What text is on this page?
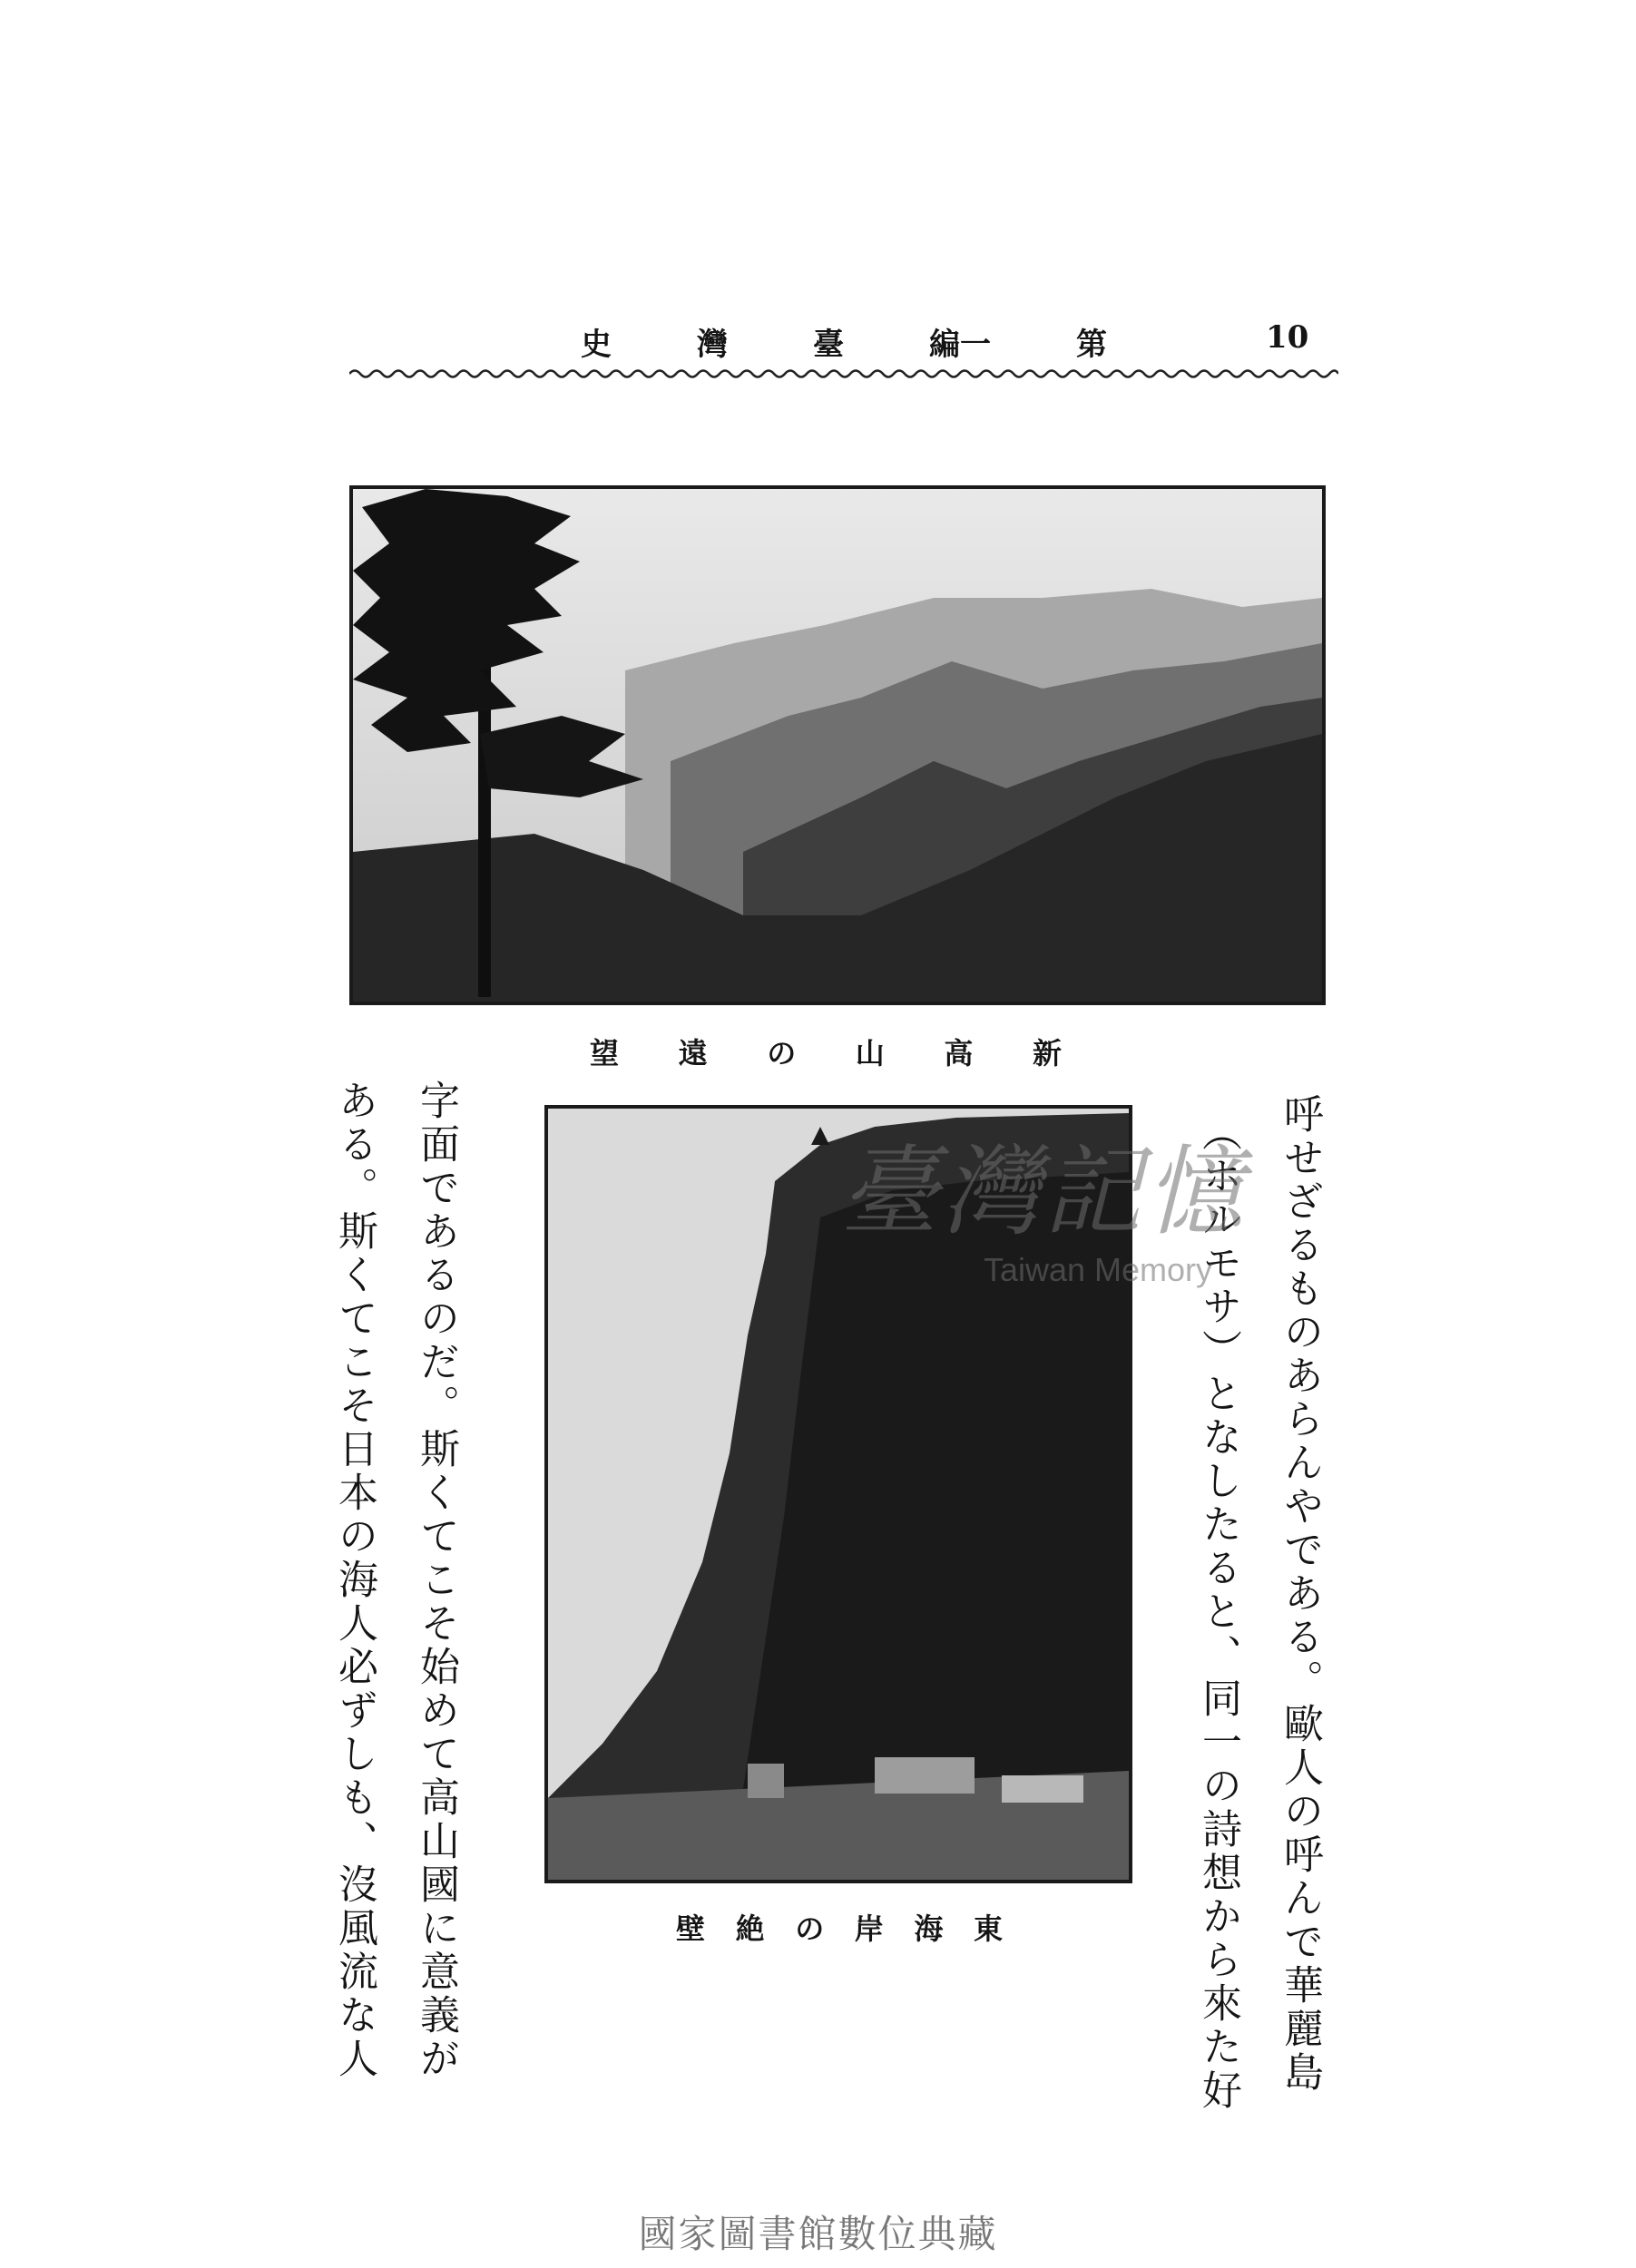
史	灣	臺	編一	第	10
望 遠 の 山 高 新
壁 絶 の 岸 海 東	呼せざるものあらんやである。歐人の呼んで華麗島
（ホルモサ）となしたると、同一の詩想から來た好
字面であるのだ。斯くてこそ始めて高山國に意義が
ある。斯くてこそ日本の海人必ずしも、沒風流な人	臺灣記憶
Taiwan Memory
國家圖書館數位典藏
